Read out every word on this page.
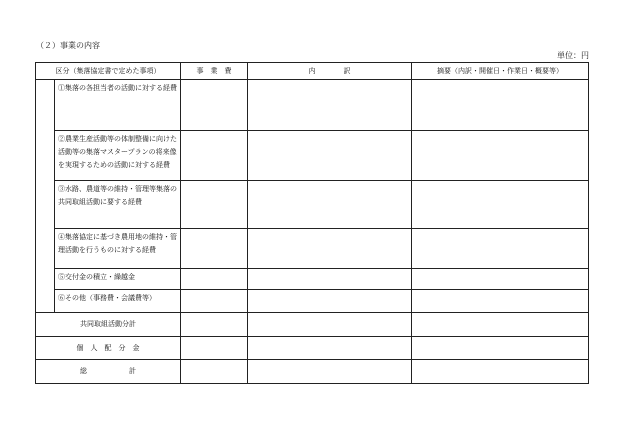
（２）事業の内容
単位：円
区分（集落協定書で定めた事項）		事　業　費	内　　　　訳	摘要（内訳・開催日・作業日・概要等）
	①集落の各担当者の活動に対する経費			
	②農業生産活動等の体制整備に向けた活動等の集落マスタープランの将来像を実現するための活動に対する経費			
	③水路、農道等の維持・管理等集落の共同取組活動に要する経費			
	④集落協定に基づき農用地の維持・管理活動を行うものに対する経費			
	⑤交付金の積立・繰越金			
	⑥その他（事務費・会議費等）			
共同取組活動分計				
個　人　配　分　金				
総　　　　　　計				
